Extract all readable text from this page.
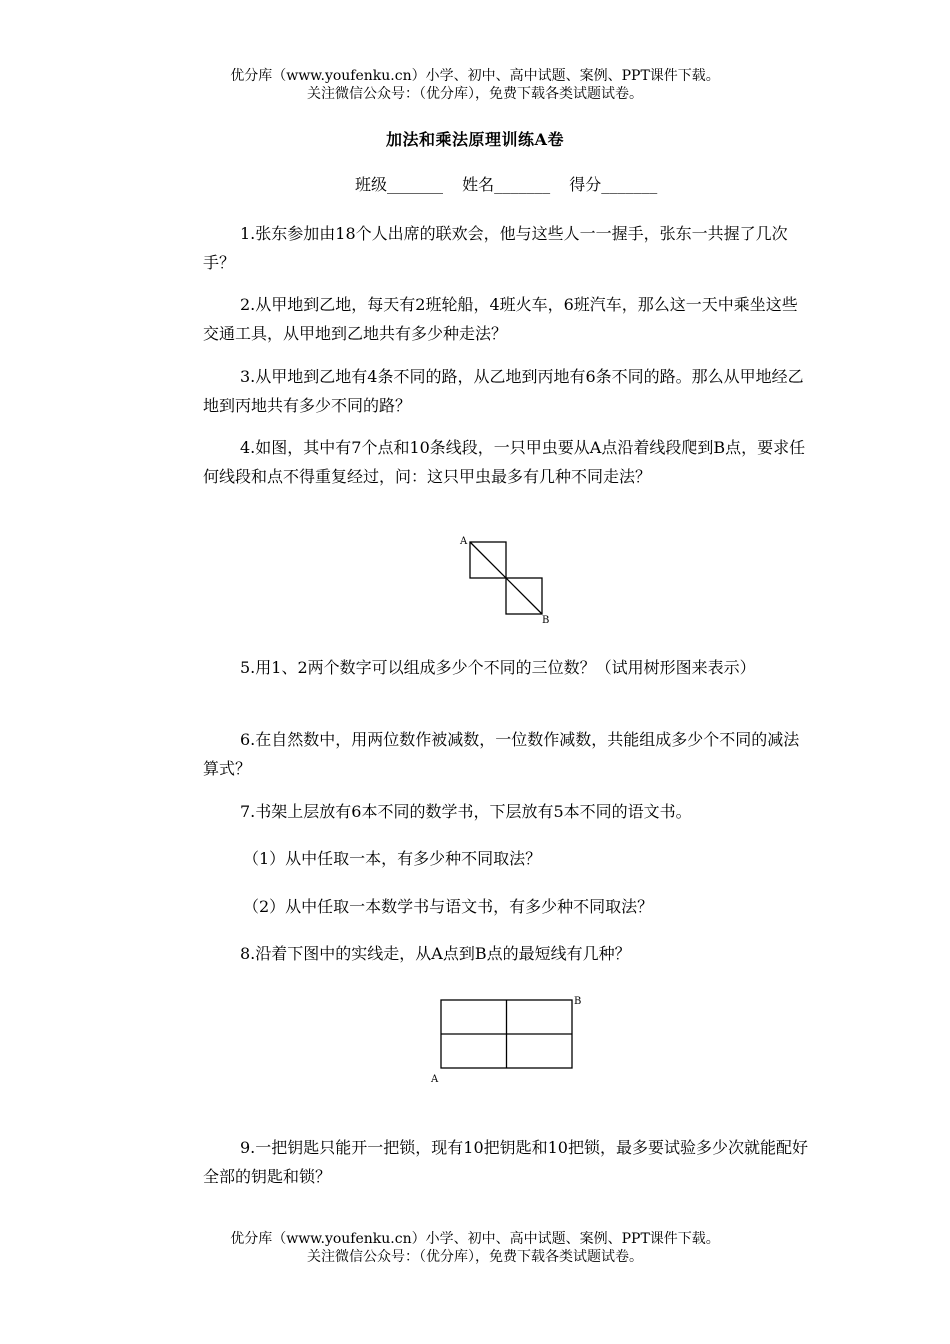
优分库（www.youfenku.cn）小学、初中、高中试题、案例、PPT课件下载。
关注微信公众号：（优分库），免费下载各类试题试卷。
加法和乘法原理训练A卷
班级_______ 姓名_______ 得分_______
1.张东参加由18个人出席的联欢会，他与这些人一一握手，张东一共握了几次手？
2.从甲地到乙地，每天有2班轮船，4班火车，6班汽车，那么这一天中乘坐这些交通工具，从甲地到乙地共有多少种走法？
3.从甲地到乙地有4条不同的路，从乙地到丙地有6条不同的路。那么从甲地经乙地到丙地共有多少不同的路？
4.如图，其中有7个点和10条线段，一只甲虫要从A点沿着线段爬到B点，要求任何线段和点不得重复经过，问：这只甲虫最多有几种不同走法？
A
B
5.用1、2两个数字可以组成多少个不同的三位数？（试用树形图来表示）
6.在自然数中，用两位数作被减数，一位数作减数，共能组成多少个不同的减法算式？
7.书架上层放有6本不同的数学书，下层放有5本不同的语文书。
（1）从中任取一本，有多少种不同取法？
（2）从中任取一本数学书与语文书，有多少种不同取法？
8.沿着下图中的实线走，从A点到B点的最短线有几种？
A
B
9.一把钥匙只能开一把锁，现有10把钥匙和10把锁，最多要试验多少次就能配好全部的钥匙和锁？
优分库（www.youfenku.cn）小学、初中、高中试题、案例、PPT课件下载。
关注微信公众号：（优分库），免费下载各类试题试卷。
